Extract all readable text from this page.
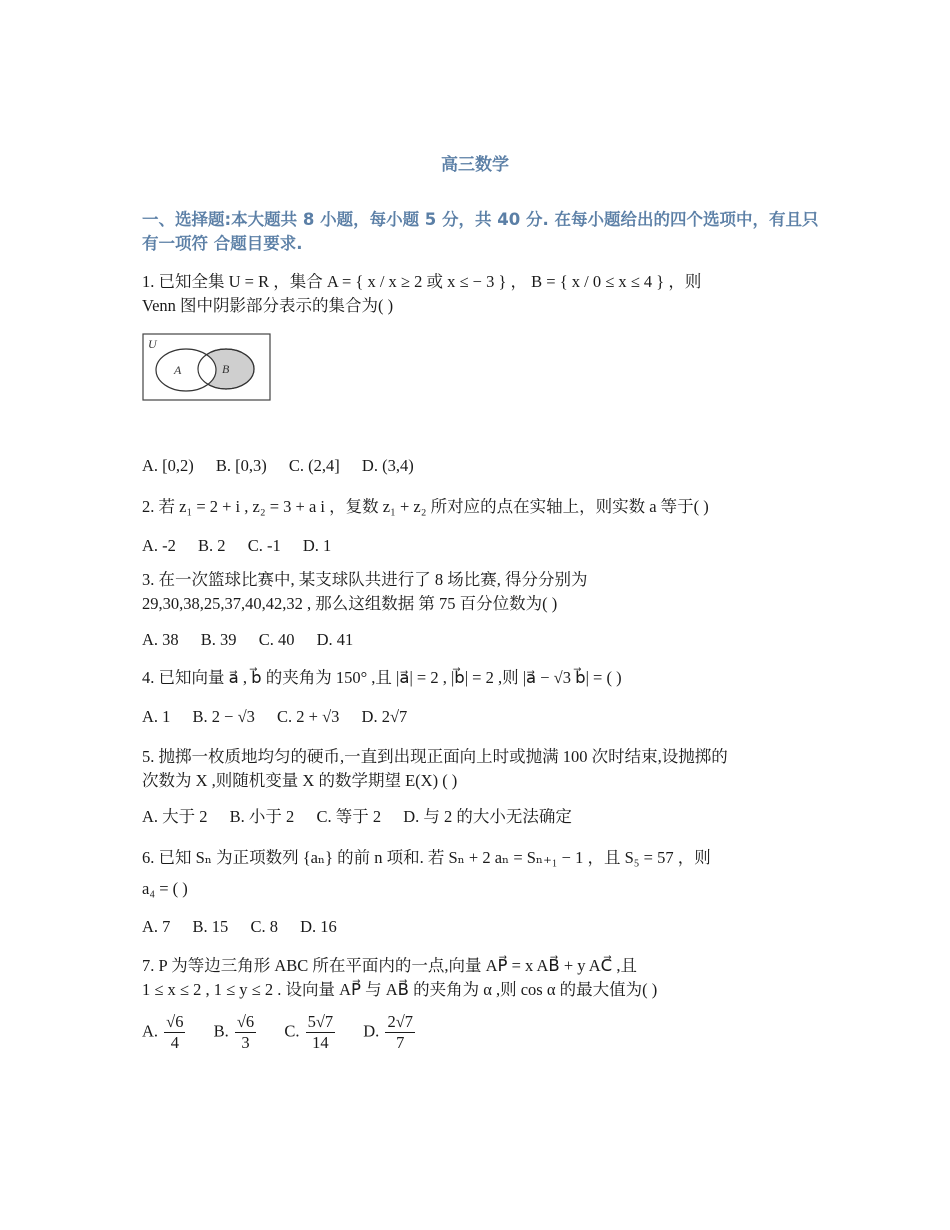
高三数学
一、选择题:本大题共 8 小题，每小题 5 分，共 40 分. 在每小题给出的四个选项中，有且只有一项符 合题目要求.
1. 已知全集 U = R ，集合 A = { x / x ≥ 2 或 x ≤ − 3 } ， B = { x / 0 ≤ x ≤ 4 } ，则
Venn 图中阴影部分表示的集合为( )
U
A	B
A. [0,2) B. [0,3) C. (2,4] D. (3,4)
2. 若 z₁ = 2 + i , z₂ = 3 + a i ，复数 z₁ + z₂ 所对应的点在实轴上，则实数 a 等于( )
A. -2 B. 2 C. -1 D. 1
3. 在一次篮球比赛中, 某支球队共进行了 8 场比赛, 得分分别为
29,30,38,25,37,40,42,32 , 那么这组数据 第 75 百分位数为( )
A. 38 B. 39 C. 40 D. 41
4. 已知向量 a⃗ , b⃗ 的夹角为 150° ,且 |a⃗| = 2 , |b⃗| = 2 ,则 |a⃗ − √3 b⃗| = ( )
A. 1 B. 2 − √3 C. 2 + √3 D. 2√7
5. 抛掷一枚质地均匀的硬币,一直到出现正面向上时或抛满 100 次时结束,设抛掷的
次数为 X ,则随机变量 X 的数学期望 E(X) ( )
A. 大于 2 B. 小于 2 C. 等于 2 D. 与 2 的大小无法确定
6. 已知 Sₙ 为正项数列 {aₙ} 的前 n 项和. 若 Sₙ + 2 aₙ = Sₙ₊₁ − 1 ，且 S₅ = 57 ，则
a₄ = ( )
A. 7 B. 15 C. 8 D. 16
7. P 为等边三角形 ABC 所在平面内的一点,向量 AP⃗ = x AB⃗ + y AC⃗ ,且
1 ≤ x ≤ 2 , 1 ≤ y ≤ 2 . 设向量 AP⃗ 与 AB⃗ 的夹角为 α ,则 cos α 的最大值为( )
A. $\frac{√6}{4} B$. $\frac{√6}{3} C$. $\frac{5√7}{14} D$. $\frac{2√7}{7}$
